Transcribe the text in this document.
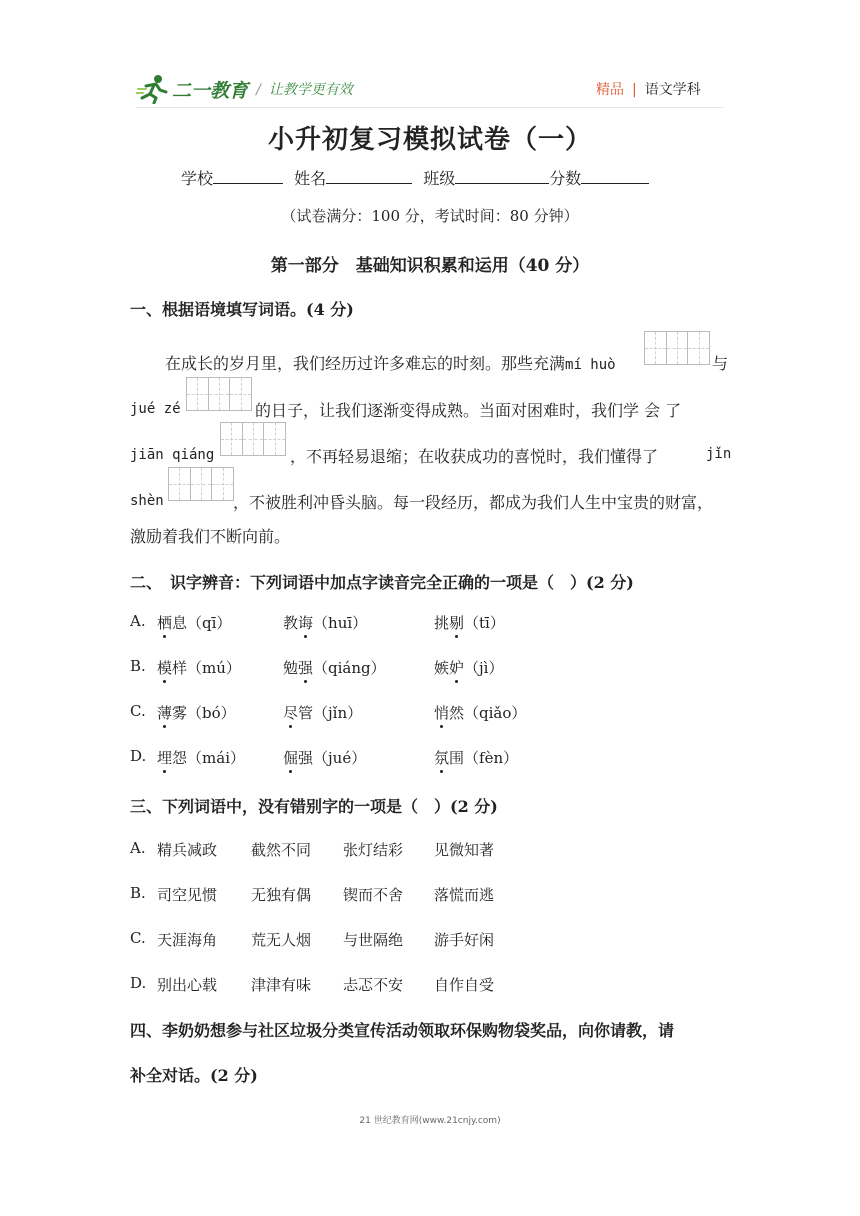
二一教育 / 让教学更有效	精品 | 语文学科
小升初复习模拟试卷（一）
学校	姓名	班级	分数
（试卷满分：100 分，考试时间：80 分钟）
第一部分　基础知识积累和运用（40 分）
一、根据语境填写词语。(4 分)
在成长的岁月里，我们经历过许多难忘的时刻。那些充满mí huò	与
jué zé	的日子，让我们逐渐变得成熟。当面对困难时，我们学 会 了
jiān qiáng	，不再轻易退缩；在收获成功的喜悦时，我们懂得了	jǐn
shèn	，不被胜利冲昏头脑。每一段经历，都成为我们人生中宝贵的财富，
激励着我们不断向前。
二、　识字辨音：下列词语中加点字读音完全正确的一项是（　）(2 分)
A. 栖息（qī）	教诲（huī）	挑剔（tī）
B. 模样（mú）	勉强（qiáng）	嫉妒（jì）
C. 薄雾（bó）	尽管（jǐn）	悄然（qiǎo）
D. 埋怨（mái）	倔强（jué）	氛围（fèn）
三、下列词语中，没有错别字的一项是（　）(2 分)
A. 精兵减政 截然不同 张灯结彩 见微知著
B. 司空见惯 无独有偶 锲而不舍 落慌而逃
C. 天涯海角 荒无人烟 与世隔绝 游手好闲
D. 别出心载 津津有味 忐忑不安 自作自受
四、李奶奶想参与社区垃圾分类宣传活动领取环保购物袋奖品，向你请教，请
补全对话。(2 分)
21 世纪教育网(www.21cnjy.com)
